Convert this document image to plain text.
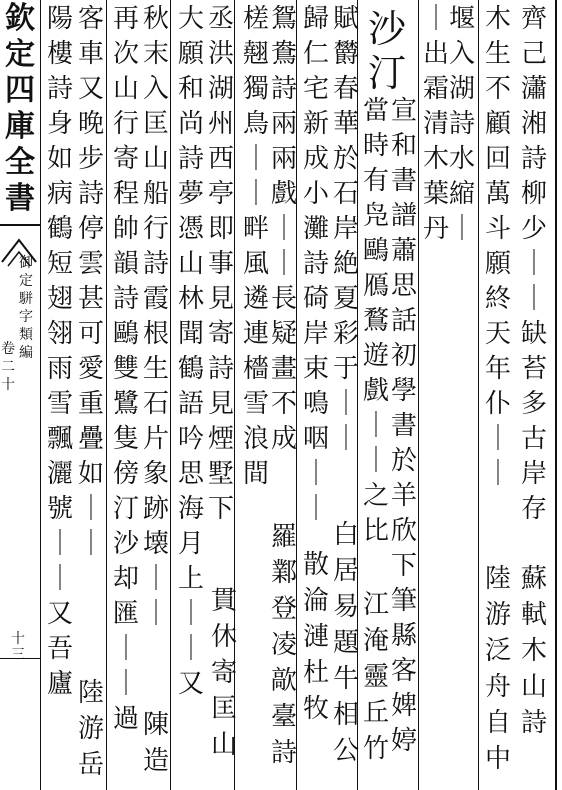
欽
定
四
庫
全
書
御
定
駢
字
類
編
卷
二
十
十
三
齊
己
瀟
湘
詩
柳
少
｜
｜
缺
苔
多
古
岸
存
木
生
不
顧
回
萬
斗
願
終
天
年
仆
｜
｜
蘇
軾
木
山
詩
陸
游
泛
舟
自
中
堰
入
湖
詩
水
縮
｜
｜
出
霜
清
木
葉
丹
沙
汀
當
時
有
凫
鷗
鴈
鶩
遊
戲
｜
｜
之
比
宣
和
書
譜
蕭
思
話
初
學
書
於
羊
欣
下
筆
縣
客
婢
婷
江
淹
靈
丘
竹
賦
欝
春
華
於
石
岸
絶
夏
彩
于
｜
｜
白
居
易
題
牛
相
公
歸
仁
宅
新
成
小
灘
詩
碕
岸
束
鳴
咽
｜
｜
散
淪
漣
杜
牧
鴛
鴦
詩
兩
兩
戲
｜
｜
長
疑
畫
不
成
羅
鄴
登
凌
歊
臺
詩
槎
翹
獨
鳥
｜
｜
畔
風
遴
連
檣
雪
浪
間
貫
休
寄
匡
山
丞
洪
湖
州
西
亭
即
事
見
寄
詩
見
煙
墅
下
大
願
和
尚
詩
夢
憑
山
林
聞
鶴
語
吟
思
海
月
上
｜
｜
又
秋
末
入
匡
山
船
行
詩
霞
根
生
石
片
象
跡
壊
｜
｜
陳
造
再
次
山
行
寄
程
帥
韻
詩
鷗
雙
鷺
隻
傍
汀
沙
却
匯
｜
｜
過
客
車
又
晚
步
詩
停
雲
甚
可
愛
重
疊
如
｜
｜
陸
游
岳
陽
樓
詩
身
如
病
鶴
短
翅
翎
雨
雪
飄
灑
號
｜
｜
又
吾
廬
